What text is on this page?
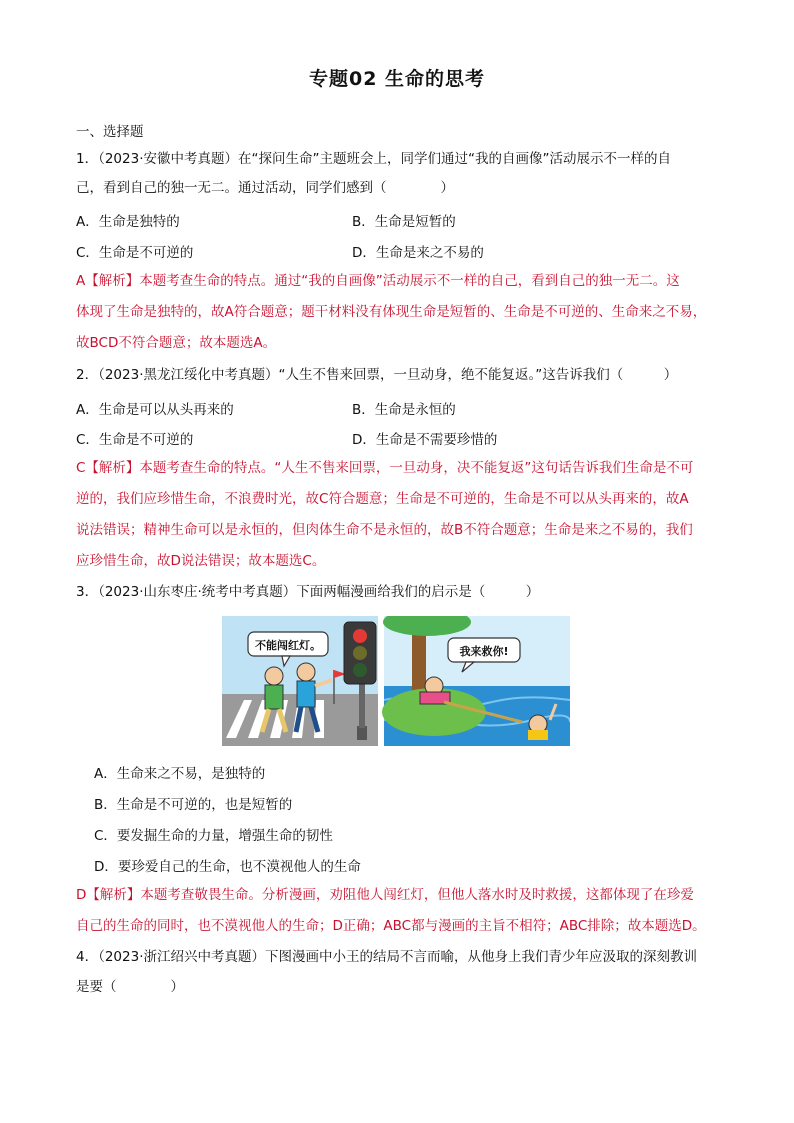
专题02 生命的思考
一、选择题
1．（2023·安徽中考真题）在“探问生命”主题班会上，同学们通过“我的自画像”活动展示不一样的自
己，看到自己的独一无二。通过活动，同学们感到（　　　　）
A．生命是独特的	B．生命是短暂的
C．生命是不可逆的	D．生命是来之不易的
A【解析】本题考查生命的特点。通过“我的自画像”活动展示不一样的自己，看到自己的独一无二。这
体现了生命是独特的，故A符合题意；题干材料没有体现生命是短暂的、生命是不可逆的、生命来之不易，
故BCD不符合题意；故本题选A。
2．（2023·黑龙江绥化中考真题）“人生不售来回票，一旦动身，绝不能复返。”这告诉我们（　　　）
A．生命是可以从头再来的	B．生命是永恒的
C．生命是不可逆的	D．生命是不需要珍惜的
C【解析】本题考查生命的特点。“人生不售来回票，一旦动身，决不能复返”这句话告诉我们生命是不可
逆的，我们应珍惜生命，不浪费时光，故C符合题意；生命是不可逆的，生命是不可以从头再来的，故A
说法错误；精神生命可以是永恒的，但肉体生命不是永恒的，故B不符合题意；生命是来之不易的，我们
应珍惜生命，故D说法错误；故本题选C。
3．（2023·山东枣庄·统考中考真题）下面两幅漫画给我们的启示是（　　　）
不能闯红灯。	我来救你!
A．生命来之不易，是独特的
B．生命是不可逆的，也是短暂的
C．要发掘生命的力量，增强生命的韧性
D．要珍爱自己的生命，也不漠视他人的生命
D【解析】本题考查敬畏生命。分析漫画，劝阻他人闯红灯，但他人落水时及时救援，这都体现了在珍爱
自己的生命的同时，也不漠视他人的生命；D正确；ABC都与漫画的主旨不相符；ABC排除；故本题选D。
4．（2023·浙江绍兴中考真题）下图漫画中小王的结局不言而喻，从他身上我们青少年应汲取的深刻教训
是要（　　　　）
